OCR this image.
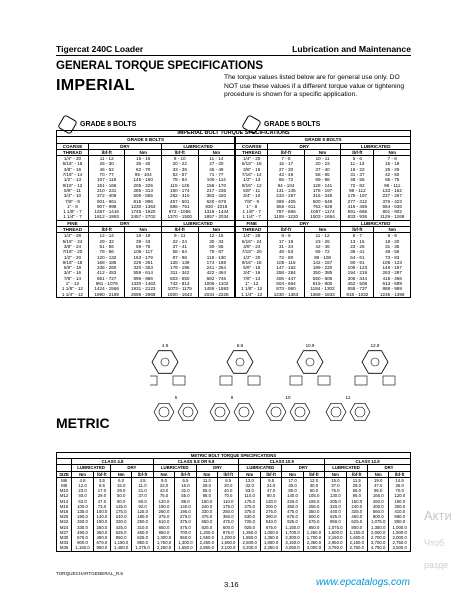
Tigercat 240C Loader	Lubrication and Maintenance
GENERAL TORQUE SPECIFICATIONS
IMPERIAL	The torque values listed below are for general use only. DO NOT use these values if a different torque value or tightening procedure is shown for a specific application.
GRADE 8 BOLTS	GRADE 5 BOLTS
IMPERIAL BOLT TORQUE SPECIFICATIONS									
GRADE 8 BOLTS					GRADE 5 BOLTS				
COARSE	DRY		LUBRICATED		COARSE	DRY		LUBRICATED	
THREAD	lbf-ft	Nm	lbf-ft	Nm	THREAD	lbf-ft	Nm	lbf-ft	Nm
1/4" - 20	11 - 12	15 - 16	8 - 10	11 - 14	1/4" - 20	7 - 8	10 - 11	5 - 6	7 - 8
5/16" - 18	26 - 30	35 - 40	20 - 22	27 - 30	5/16" - 18	15 - 17	20 - 23	11 - 13	15 - 18
3/8" - 16	46 - 52	62 - 70	33 - 36	45 - 49	3/8" - 16	27 - 30	37 - 40	19 - 22	26 - 29
7/16" - 14	70 - 77	95 - 104	52 - 57	71 - 77	7/16" - 14	43 - 48	58 - 65	31 - 37	42 - 50
1/2" - 13	107 - 118	145 - 160	78 - 84	106 - 114	1/2" - 13	65 - 72	89 - 98	48 - 56	65 - 75
9/16" - 12	151 - 166	205 - 225	115 - 125	156 - 170	9/16" - 12	94 - 104	128 - 141	72 - 82	98 - 111
5/8" - 11	210 - 231	285 - 313	160 - 174	217 - 236	5/8" - 11	131 - 145	178 - 197	98 - 112	133 - 152
3/4" - 10	372 - 409	505 - 555	282 - 310	383 - 420	3/4" - 10	233 - 257	316 - 348	175 - 197	237 - 267
7/8" - 9	601 - 661	815 - 896	457 - 501	620 - 679	7/8" - 9	369 - 405	500 - 549	277 - 312	376 - 423
1" - 8	907 - 998	1230 - 1353	686 - 751	930 - 1018	1" - 8	555 - 611	752 - 828	416 - 469	564 - 636
1 1/8" - 7	1287 - 1416	1745 - 1920	972 - 1065	1318 - 1444	1 1/8" - 7	787 - 866	1067 - 1174	591 - 665	801 - 902
1 1/4" - 7	1812 - 1993	2457 - 2702	1370 - 1500	1857 - 2034	1 1/4" - 7	1109 - 1220	1503 - 1654	833 - 936	1129 - 1269
FINE	DRY		LUBRICATED		FINE	DRY		LUBRICATED	
THREAD	lbf-ft	Nm	lbf-ft	Nm	THREAD	lbf-ft	Nm	lbf-ft	Nm
1/4" - 28	12 - 14	16 - 19	9 - 11	12 - 15	1/4" - 28	8 - 9	11 - 12	6 - 7	8 - 9
5/16" - 24	29 - 32	39 - 43	22 - 24	30 - 33	5/16" - 24	17 - 19	23 - 26	13 - 15	18 - 20
3/8" - 24	51 - 56	69 - 76	37 - 41	50 - 56	3/8" - 24	31 - 34	42 - 46	23 - 26	31 - 35
7/16" - 20	78 - 86	106 - 117	58 - 64	79 - 87	7/16" - 20	48 - 53	65 - 72	36 - 41	49 - 56
1/2" - 20	120 - 132	163 - 179	87 - 96	118 - 130	1/2" - 20	73 - 80	99 - 108	54 - 61	73 - 83
9/16" - 18	168 - 185	228 - 251	128 - 139	174 - 188	9/16" - 18	105 - 116	142 - 157	80 - 91	108 - 123
5/8" - 18	236 - 260	320 - 353	178 - 195	241 - 264	5/8" - 18	147 - 162	199 - 220	109 - 123	148 - 167
3/4" - 16	412 - 453	559 - 614	311 - 342	422 - 464	3/4" - 16	258 - 284	350 - 385	194 - 219	263 - 297
7/8" - 14	661 - 727	896 - 986	503 - 550	682 - 746	7/8" - 14	406 - 447	550 - 606	306 - 344	415 - 466
1" - 12	981 - 1079	1330 - 1463	742 - 813	1006 - 1102	1" - 12	604 - 664	819 - 900	452 - 508	613 - 689
1 1/8" - 12	1424 - 1566	1931 - 2123	1073 - 1175	1455 - 1593	1 1/8" - 12	873 - 960	1184 - 1302	655 - 737	888 - 999
1 1/4" - 12	1990 - 2189	2698 - 2968	1500 - 1643	2034 - 2228	1 1/4" - 12	1230 - 1353	1668 - 1834	918 - 1032	1245 - 1399
METRIC
4.8	8.8	10.9	12.9
5	8	10	12
METRIC BOLT TORQUE SPECIFICATIONS																
	CLASS 4.8				CLASS 8.8 OR 9.8				CLASS 10.9				CLASS 12.9			
	LUBRICATED		DRY		LUBRICATED		DRY		LUBRICATED		DRY		LUBRICATED		DRY	
SIZE	Nm	lbf-ft	Nm	lbf-ft	Nm	lbf-ft	Nm	lbf-ft	Nm	lbf-ft	Nm	lbf-ft	Nm	lbf-ft	Nm	lbf-ft
M6	4.8	3.5	6.0	4.5	9.0	6.5	11.0	8.5	13.0	9.5	17.0	12.0	15.0	11.5	19.0	14.5
M8	12.0	8.5	15.0	11.0	22.0	16.0	28.0	20.0	32.0	24.0	40.0	30.0	37.0	28.0	47.0	35.0
M10	23.0	17.0	29.0	21.0	43.0	32.0	55.0	40.0	63.0	47.0	80.0	60.0	75.0	55.0	95.0	70.0
M12	40.0	29.0	50.0	37.0	75.0	55.0	95.0	70.0	110.0	80.0	140.0	105.0	130.0	95.0	165.0	120.0
M14	63.0	47.0	80.0	60.0	120.0	88.0	150.0	110.0	175.0	130.0	225.0	165.0	205.0	150.0	260.0	190.0
M16	100.0	73.0	125.0	92.0	190.0	140.0	240.0	175.0	275.0	200.0	350.0	255.0	320.0	240.0	400.0	300.0
M18	135.0	100.0	175.0	125.0	260.0	195.0	330.0	250.0	375.0	275.0	475.0	350.0	440.0	325.0	560.0	410.0
M20	190.0	140.0	240.0	180.0	375.0	275.0	475.0	350.0	530.0	390.0	675.0	500.0	625.0	460.0	800.0	580.0
M22	260.0	190.0	330.0	250.0	510.0	375.0	650.0	475.0	725.0	540.0	925.0	675.0	850.0	625.0	1,075.0	800.0
M24	330.0	250.0	425.0	310.0	650.0	475.0	825.0	600.0	925.0	675.0	1,150.0	850.0	1,075.0	800.0	1,350.0	1,000.0
M27	490.0	360.0	625.0	450.0	950.0	700.0	1,200.0	875.0	1,350.0	1,000.0	1,700.0	1,250.0	1,600.0	1,150.0	2,000.0	1,500.0
M30	675.0	490.0	850.0	625.0	1,300.0	950.0	1,650.0	1,200.0	1,850.0	1,350.0	2,300.0	1,700.0	2,150.0	1,600.0	2,700.0	2,000.0
M33	900.0	675.0	1,150.0	850.0	1,750.0	1,300.0	2,250.0	1,650.0	2,500.0	1,850.0	3,150.0	2,350.0	2,950.0	2,150.0	3,700.0	2,750.0
M36	1,150.0	850.0	1,450.0	1,075.0	2,250.0	1,650.0	2,850.0	2,100.0	3,200.0	2,350.0	4,050.0	3,000.0	3,750.0	2,750.0	4,750.0	3,500.0
TORQUECHARTGENERAL_R.5
3.16	www.epcatalogs.com
Акти
Чтоб
разде
